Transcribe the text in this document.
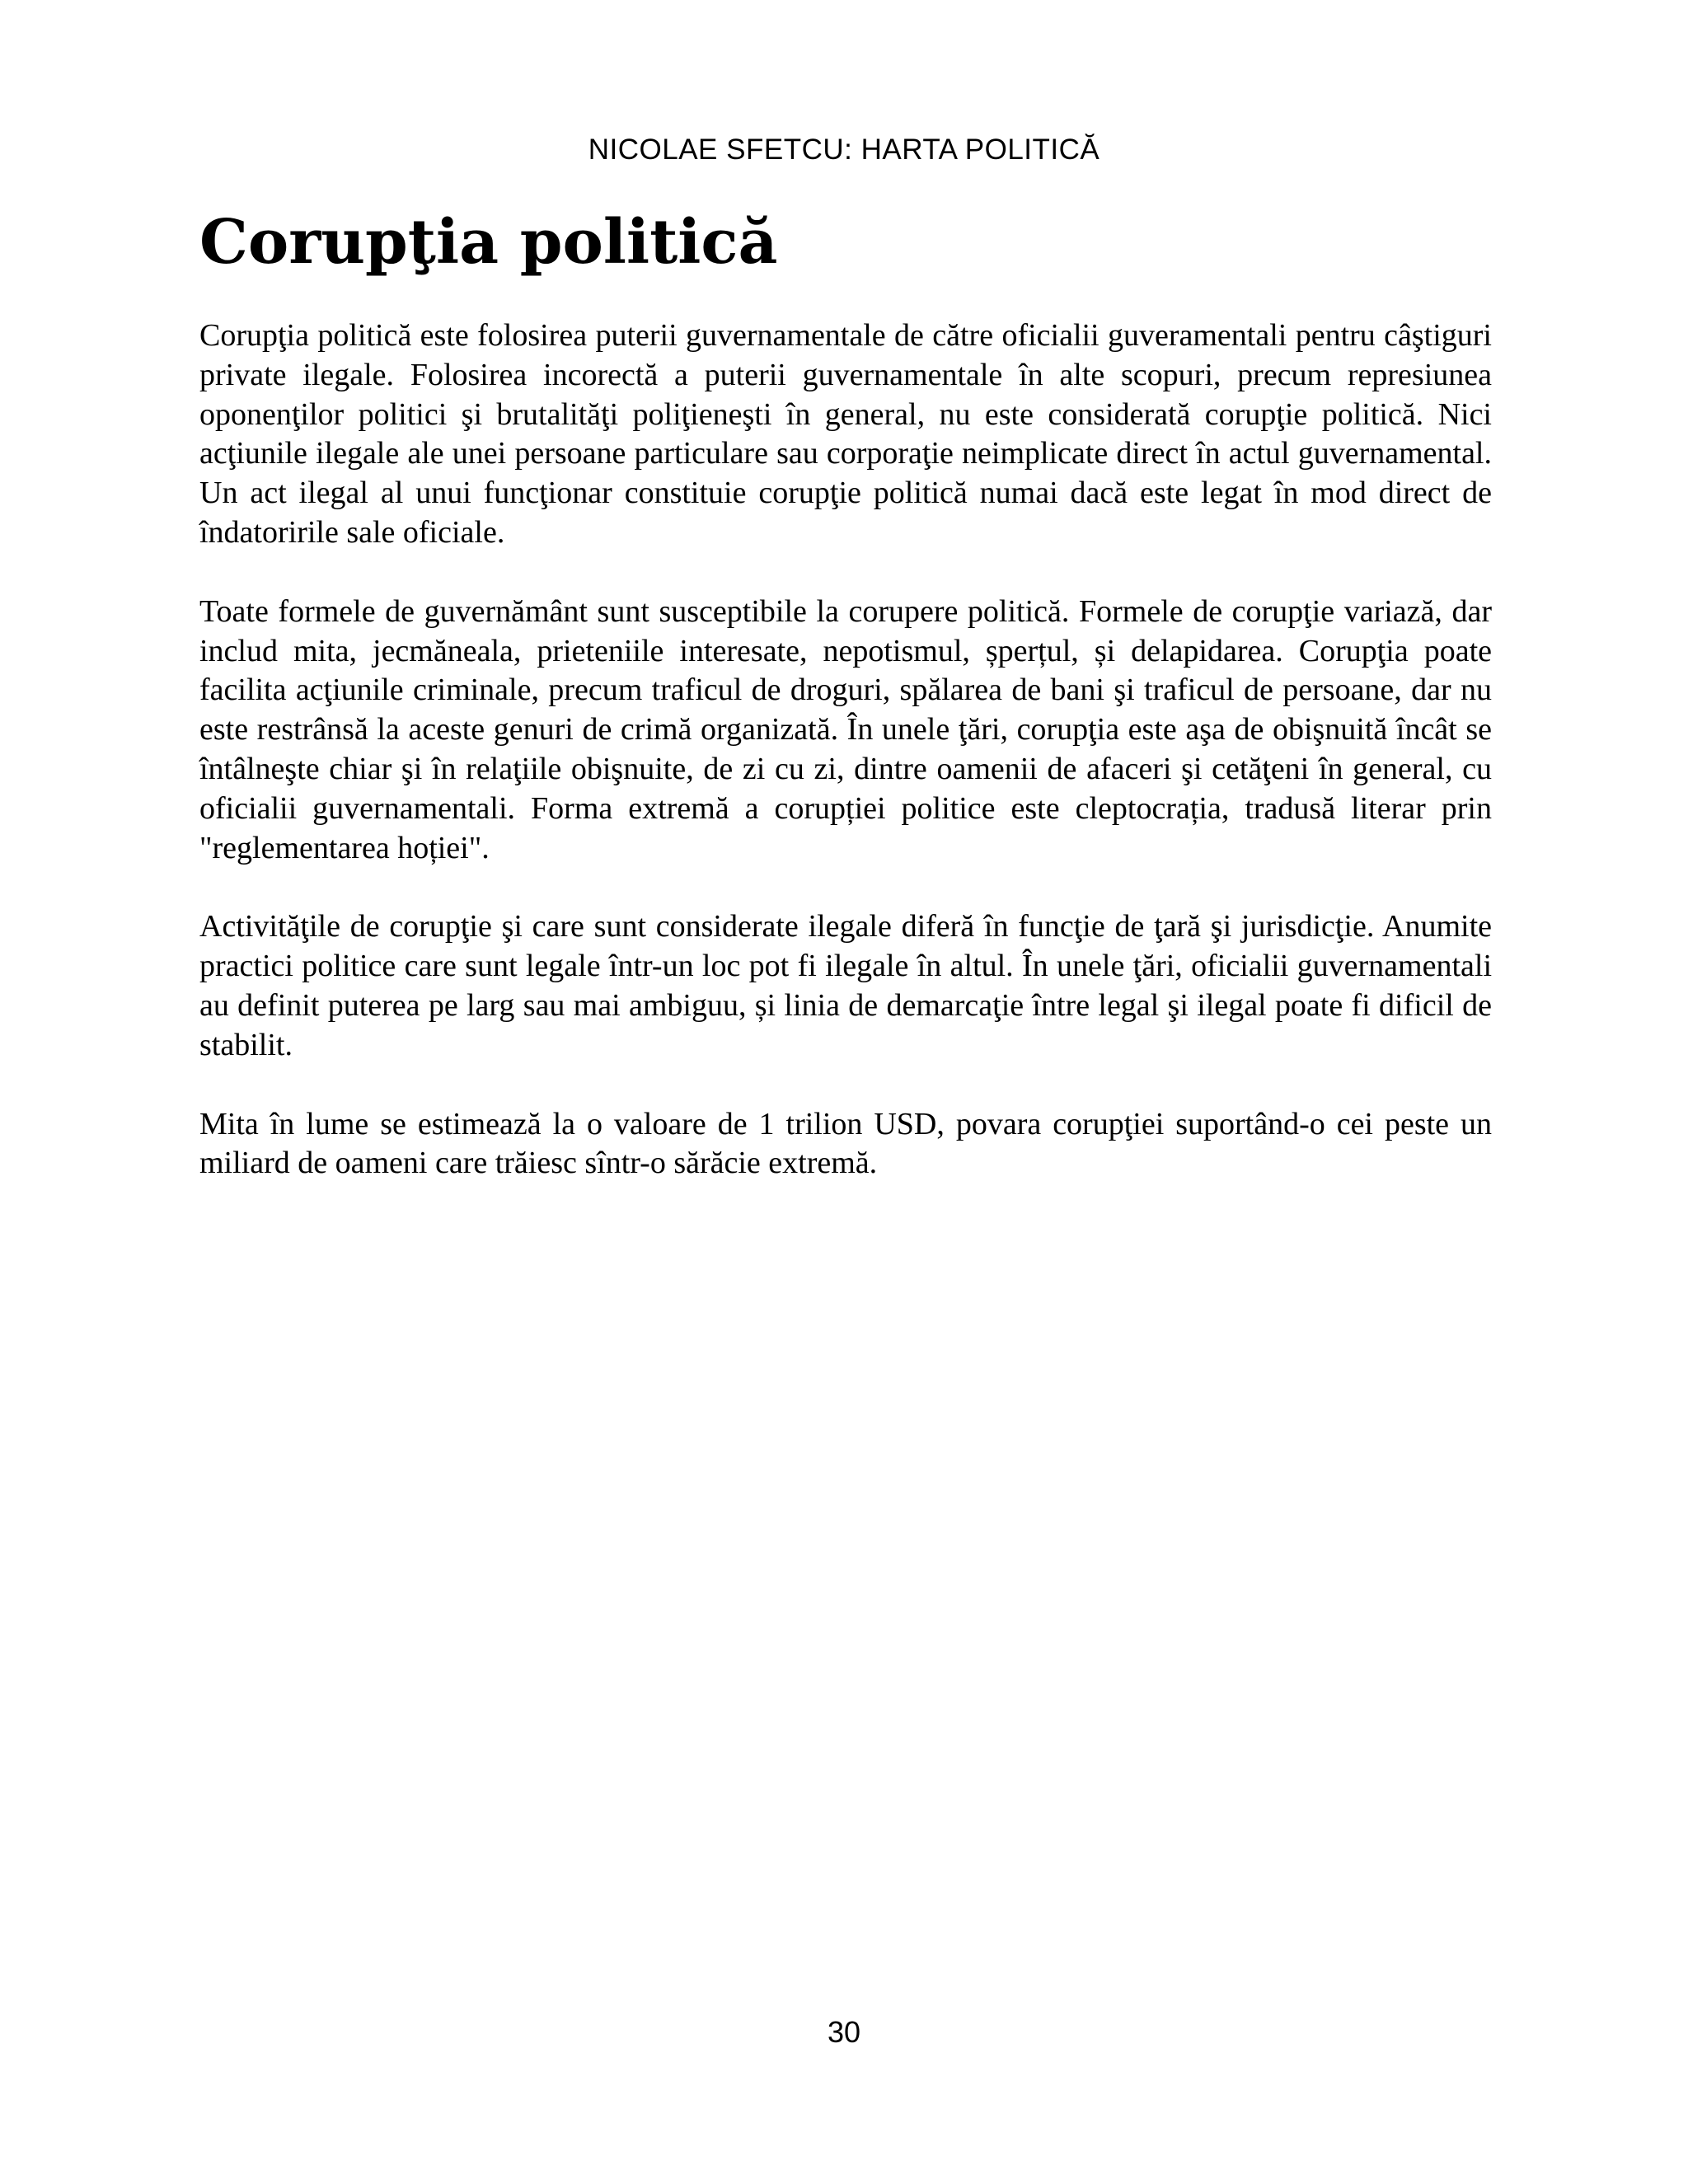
NICOLAE SFETCU: HARTA POLITICĂ
Corupţia politică

Corupţia politică este folosirea puterii guvernamentale de către oficialii guveramentali pentru câştiguri private ilegale. Folosirea incorectă a puterii guvernamentale în alte scopuri, precum represiunea oponenţilor politici şi brutalităţi poliţieneşti în general, nu este considerată corupţie politică. Nici acţiunile ilegale ale unei persoane particulare sau corporaţie neimplicate direct în actul guvernamental. Un act ilegal al unui funcţionar constituie corupţie politică numai dacă este legat în mod direct de îndatoririle sale oficiale.

Toate formele de guvernământ sunt susceptibile la corupere politică. Formele de corupţie variază, dar includ mita, jecmăneala, prieteniile interesate, nepotismul, șperțul, și delapidarea. Corupţia poate facilita acţiunile criminale, precum traficul de droguri, spălarea de bani şi traficul de persoane, dar nu este restrânsă la aceste genuri de crimă organizată. În unele ţări, corupţia este aşa de obişnuită încât se întâlneşte chiar şi în relaţiile obişnuite, de zi cu zi, dintre oamenii de afaceri şi cetăţeni în general, cu oficialii guvernamentali. Forma extremă a corupției politice este cleptocrația, tradusă literar prin "reglementarea hoției".

Activităţile de corupţie şi care sunt considerate ilegale diferă în funcţie de ţară şi jurisdicţie. Anumite practici politice care sunt legale într-un loc pot fi ilegale în altul. În unele ţări, oficialii guvernamentali au definit puterea pe larg sau mai ambiguu, și linia de demarcaţie între legal şi ilegal poate fi dificil de stabilit.

Mita în lume se estimează la o valoare de 1 trilion USD, povara corupţiei suportând-o cei peste un miliard de oameni care trăiesc sîntr-o sărăcie extremă.

30
